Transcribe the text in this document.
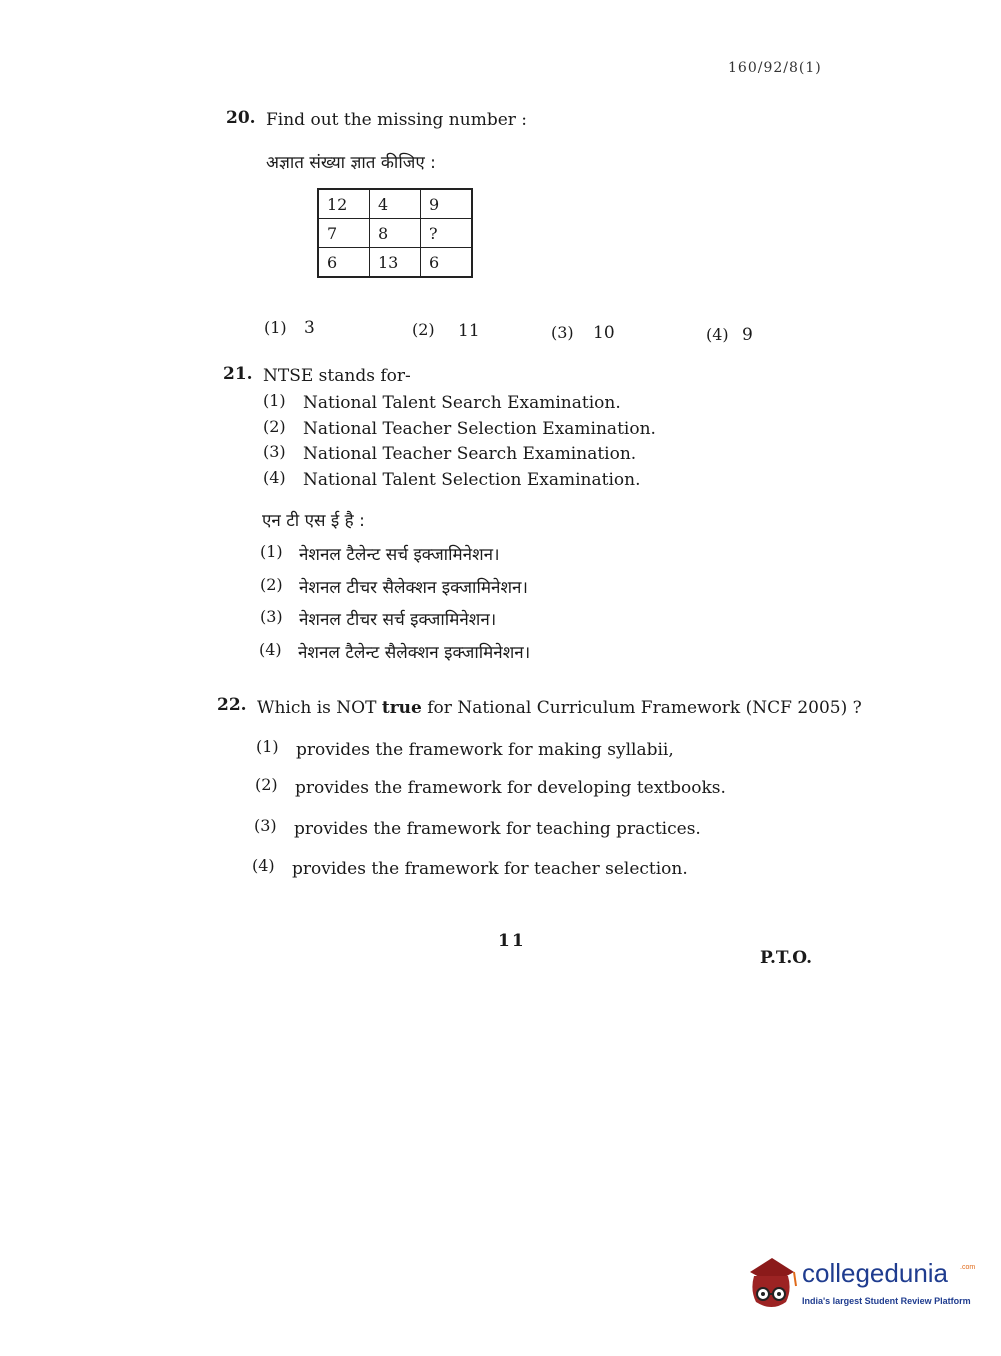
160/92/8(1)
20. Find out the missing number :
अज्ञात संख्या ज्ञात कीजिए :
12	4	9
7	8	?
6	13	6
(1) 3	(2) 11	(3) 10	(4) 9
21. NTSE stands for-
(1) National Talent Search Examination.
(2) National Teacher Selection Examination.
(3) National Teacher Search Examination.
(4) National Talent Selection Examination.
एन टी एस ई है :
(1) नेशनल टैलेन्ट सर्च इक्जामिनेशन।
(2) नेशनल टीचर सैलेक्शन इक्जामिनेशन।
(3) नेशनल टीचर सर्च इक्जामिनेशन।
(4) नेशनल टैलेन्ट सैलेक्शन इक्जामिनेशन।
22. Which is NOT true for National Curriculum Framework (NCF 2005) ?
(1) provides the framework for making syllabii,
(2) provides the framework for developing textbooks.
(3) provides the framework for teaching practices.
(4) provides the framework for teacher selection.
11
P.T.O.
collegedunia .com
India's largest Student Review Platform
